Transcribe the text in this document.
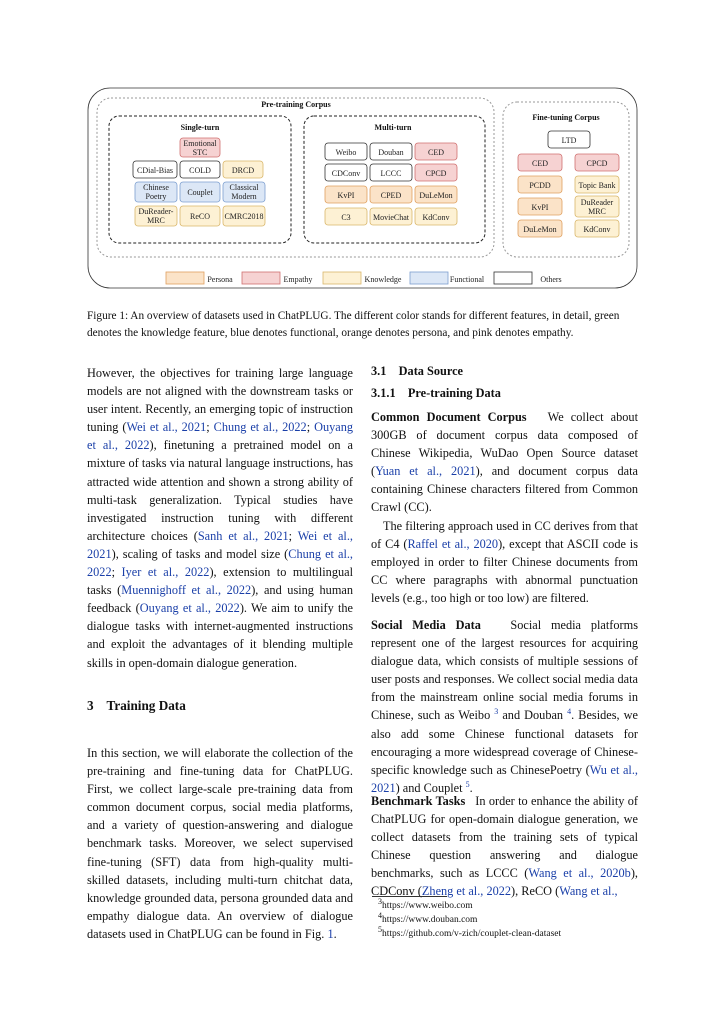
Pre-training Corpus
Fine-tuning Corpus
Single-turn
Emotional
STC
CDial-Bias COLD	DRCD
Chinese
Poetry	Couplet
Classical
Modern
DuReader-
MRC	ReCO CMRC2018
Multi-turn
Weibo	Douban	CED
CDConv	LCCC	CPCD
KvPI	CPED DuLeMon
C3	MovieChat KdConv
LTD
CED	CPCD
PCDD	Topic Bank
KvPI
DuReader
MRC
DuLeMon	KdConv
Persona	Empathy	Knowledge	Functional	Others
Figure 1: An overview of datasets used in ChatPLUG. The different color stands for different features, in detail, green denotes the knowledge feature, blue denotes functional, orange denotes persona, and pink denotes empathy.

However, the objectives for training large language models are not aligned with the downstream tasks or user intent. Recently, an emerging topic of instruction tuning (Wei et al., 2021; Chung et al., 2022; Ouyang et al., 2022), finetuning a pretrained model on a mixture of tasks via natural language instructions, has attracted wide attention and shown a strong ability of multi-task generalization. Typical studies have investigated instruction tuning with different architecture choices (Sanh et al., 2021; Wei et al., 2021), scaling of tasks and model size (Chung et al., 2022; Iyer et al., 2022), extension to multilingual tasks (Muennighoff et al., 2022), and using human feedback (Ouyang et al., 2022). We aim to unify the dialogue tasks with internet-augmented instructions and exploit the advantages of it blending multiple skills in open-domain dialogue generation.

3    Training Data

In this section, we will elaborate the collection of the pre-training and fine-tuning data for ChatPLUG. First, we collect large-scale pre-training data from common document corpus, social media platforms, and a variety of question-answering and dialogue benchmark tasks. Moreover, we select supervised fine-tuning (SFT) data from high-quality multi-skilled datasets, including multi-turn chitchat data, knowledge grounded data, persona grounded data and empathy dialogue data. An overview of dialogue datasets used in ChatPLUG can be found in Fig. 1.

3.1    Data Source
3.1.1    Pre-training Data

Common Document Corpus   We collect about 300GB of document corpus data composed of Chinese Wikipedia, WuDao Open Source dataset (Yuan et al., 2021), and document corpus data containing Chinese characters filtered from Common Crawl (CC).

The filtering approach used in CC derives from that of C4 (Raffel et al., 2020), except that ASCII code is employed in order to filter Chinese documents from CC where paragraphs with abnormal punctuation levels (e.g., too high or too low) are filtered.

Social Media Data   Social media platforms represent one of the largest resources for acquiring dialogue data, which consists of multiple sessions of user posts and responses. We collect social media data from the mainstream online social media forums in Chinese, such as Weibo $^3$ and Douban $^4$. Besides, we also add some Chinese functional datasets for encouraging a more widespread coverage of Chinese-specific knowledge such as ChinesePoetry (Wu et al., 2021) and Couplet $^5$.

Benchmark Tasks   In order to enhance the ability of ChatPLUG for open-domain dialogue generation, we collect datasets from the training sets of typical Chinese question answering and dialogue benchmarks, such as LCCC (Wang et al., 2020b), CDConv (Zheng et al., 2022), ReCO (Wang et al.,

$^3$https://www.weibo.com
$^4$https://www.douban.com
$^5$https://github.com/v-zich/couplet-clean-dataset
